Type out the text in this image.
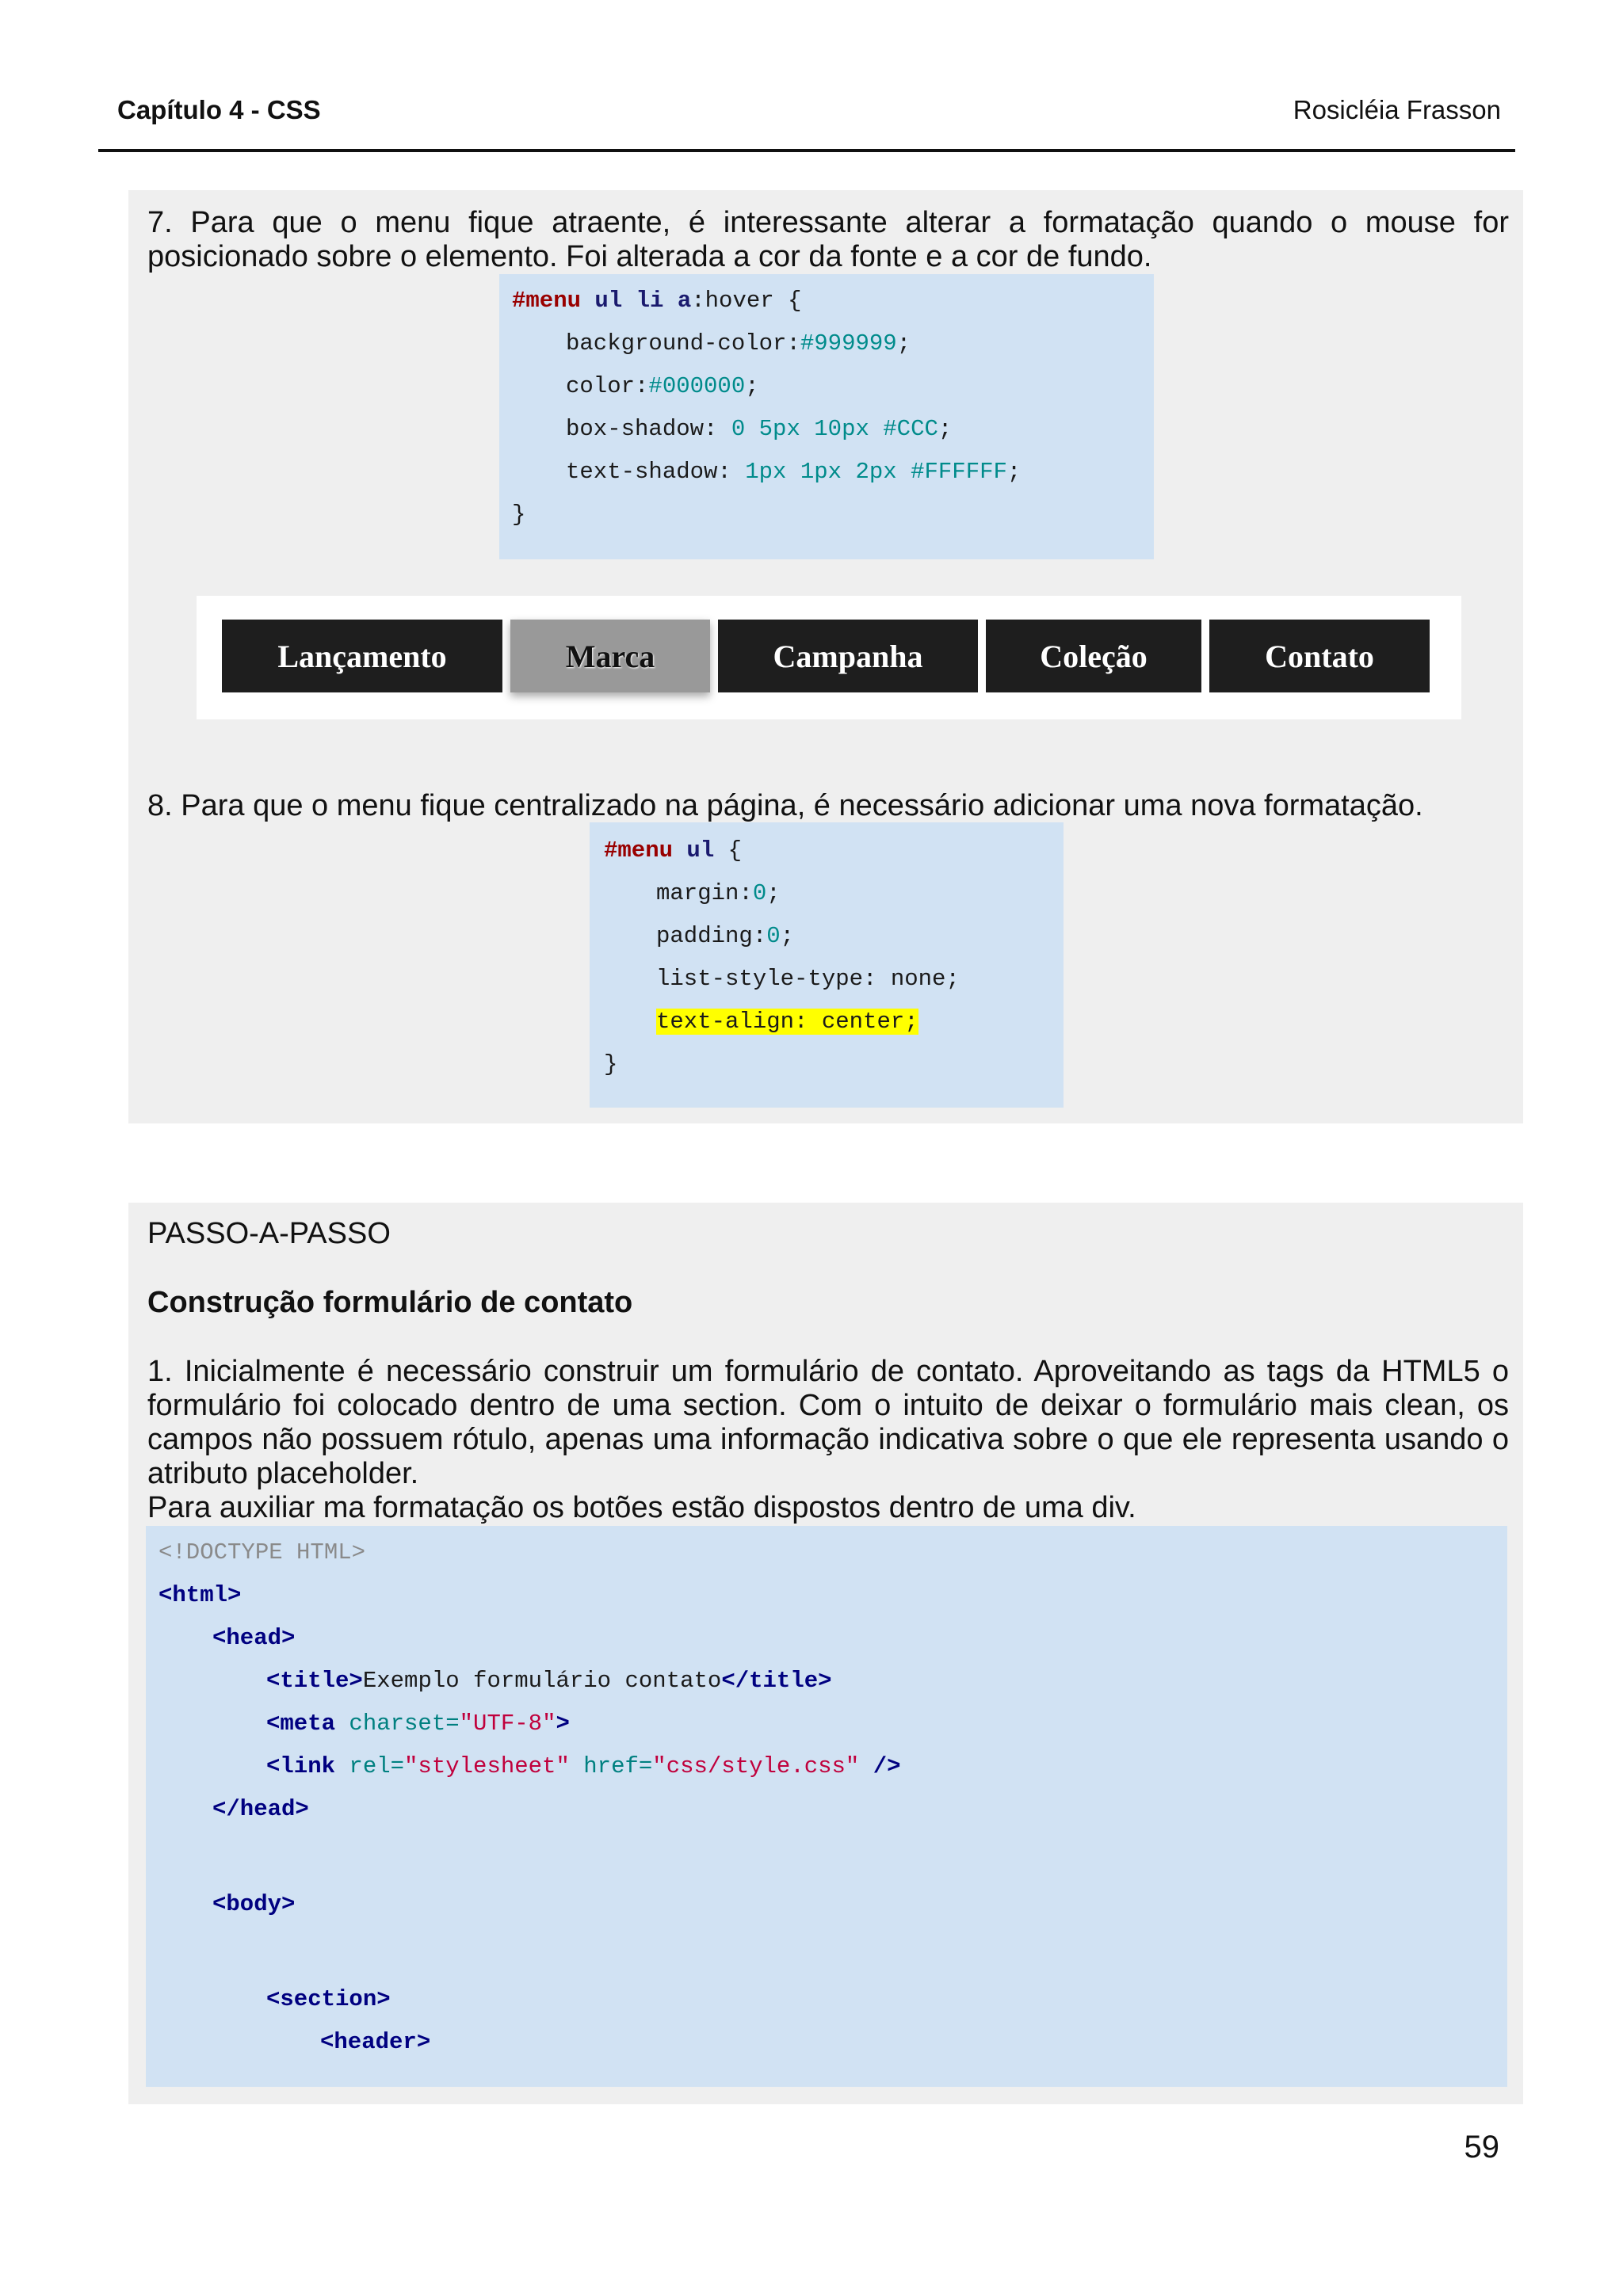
Capítulo 4 - CSS	Rosicléia Frasson
7. Para que o menu fique atraente, é interessante alterar a formatação quando o mouse for
posicionado sobre o elemento. Foi alterada a cor da fonte e a cor de fundo.
#menu ul li a:hover {
background-color:#999999;
color:#000000;
box-shadow: 0 5px 10px #CCC;
text-shadow: 1px 1px 2px #FFFFFF;
}
Lançamento	Marca	Campanha	Coleção	Contato
8. Para que o menu fique centralizado na página, é necessário adicionar uma nova formatação.
#menu ul {
margin:0;
padding:0;
list-style-type: none;
text-align: center;
}
PASSO-A-PASSO
Construção formulário de contato
1. Inicialmente é necessário construir um formulário de contato. Aproveitando as tags da HTML5 o
formulário foi colocado dentro de uma section. Com o intuito de deixar o formulário mais clean, os
campos não possuem rótulo, apenas uma informação indicativa sobre o que ele representa usando o
atributo placeholder.
Para auxiliar ma formatação os botões estão dispostos dentro de uma div.
<!DOCTYPE HTML>
<html>
<head>
<title>Exemplo formulário contato</title>
<meta charset="UTF-8">
<link rel="stylesheet" href="css/style.css" />
</head>
<body>
<section>
<header>
59
